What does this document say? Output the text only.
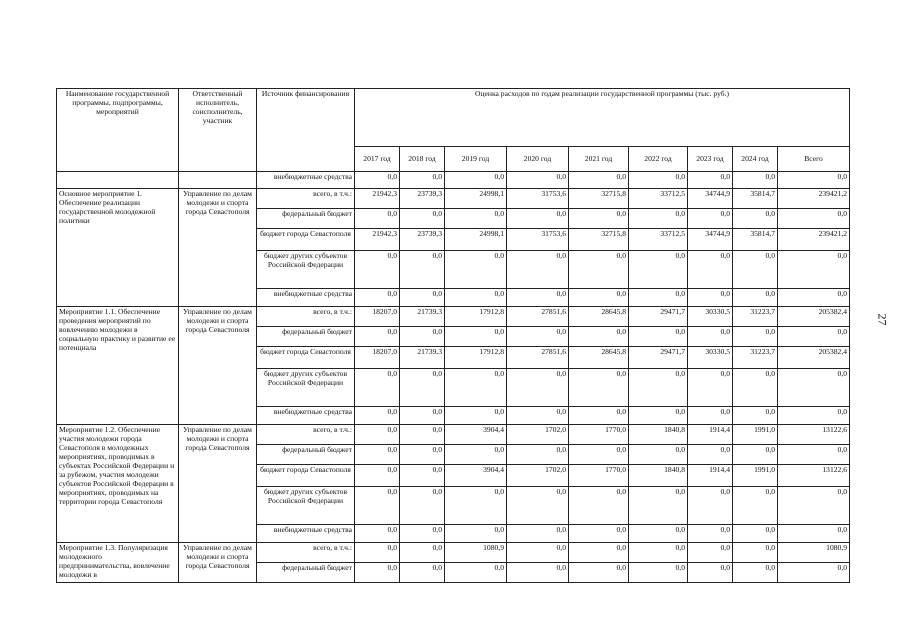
27
Наименование государственной программы, подпрограммы, мероприятий	Ответственный исполнитель, соисполнитель, участник	Источник финансирования	Оценка расходов по годам реализации государственной программы (тыс. руб.)								
			2017 год	2018 год	2019 год	2020 год	2021 год	2022 год	2023 год	2024 год	Всего
		внебюджетные средства	0,0	0,0	0,0	0,0	0,0	0,0	0,0	0,0	0,0
Основное мероприятие 1. Обеспечение реализации государственной молодежной политики	Управление по делам молодежи и спорта города Севастополя	всего, в т.ч.:	21942,3	23739,3	24998,1	31753,6	32715,8	33712,5	34744,9	35814,7	239421,2
		федеральный бюджет	0,0	0,0	0,0	0,0	0,0	0,0	0,0	0,0	0,0
		бюджет города Севастополя	21942,3	23739,3	24998,1	31753,6	32715,8	33712,5	34744,9	35814,7	239421,2
		бюджет других субъектов Российской Федерации	0,0	0,0	0,0	0,0	0,0	0,0	0,0	0,0	0,0
		внебюджетные средства	0,0	0,0	0,0	0,0	0,0	0,0	0,0	0,0	0,0
Мероприятие 1.1. Обеспечение проведения мероприятий по вовлечению молодежи в социальную практику и развитие ее потенциала	Управление по делам молодежи и спорта города Севастополя	всего, в т.ч.:	18207,0	21739,3	17912,8	27851,6	28645,8	29471,7	30330,5	31223,7	205382,4
		федеральный бюджет	0,0	0,0	0,0	0,0	0,0	0,0	0,0	0,0	0,0
		бюджет города Севастополя	18207,0	21739,3	17912,8	27851,6	28645,8	29471,7	30330,5	31223,7	205382,4
		бюджет других субъектов Российской Федерации	0,0	0,0	0,0	0,0	0,0	0,0	0,0	0,0	0,0
		внебюджетные средства	0,0	0,0	0,0	0,0	0,0	0,0	0,0	0,0	0,0
Мероприятие 1.2. Обеспечение участия молодежи города Севастополя в молодежных мероприятиях, проводимых в субъектах Российской Федерации и за рубежом, участия молодежи субъектов Российской Федерации в мероприятиях, проводимых на территории города Севастополя	Управление по делам молодежи и спорта города Севастополя	всего, в т.ч.:	0,0	0,0	3904,4	1702,0	1770,0	1840,8	1914,4	1991,0	13122,6
		федеральный бюджет	0,0	0,0	0,0	0,0	0,0	0,0	0,0	0,0	0,0
		бюджет города Севастополя	0,0	0,0	3904,4	1702,0	1770,0	1840,8	1914,4	1991,0	13122,6
		бюджет других субъектов Российской Федерации	0,0	0,0	0,0	0,0	0,0	0,0	0,0	0,0	0,0
		внебюджетные средства	0,0	0,0	0,0	0,0	0,0	0,0	0,0	0,0	0,0
Мероприятие 1.3. Популяризация молодежного предпринимательства, вовлечение молодежи в	Управление по делам молодежи и спорта города Севастополя	всего, в т.ч.:	0,0	0,0	1080,9	0,0	0,0	0,0	0,0	0,0	1080,9
		федеральный бюджет	0,0	0,0	0,0	0,0	0,0	0,0	0,0	0,0	0,0
